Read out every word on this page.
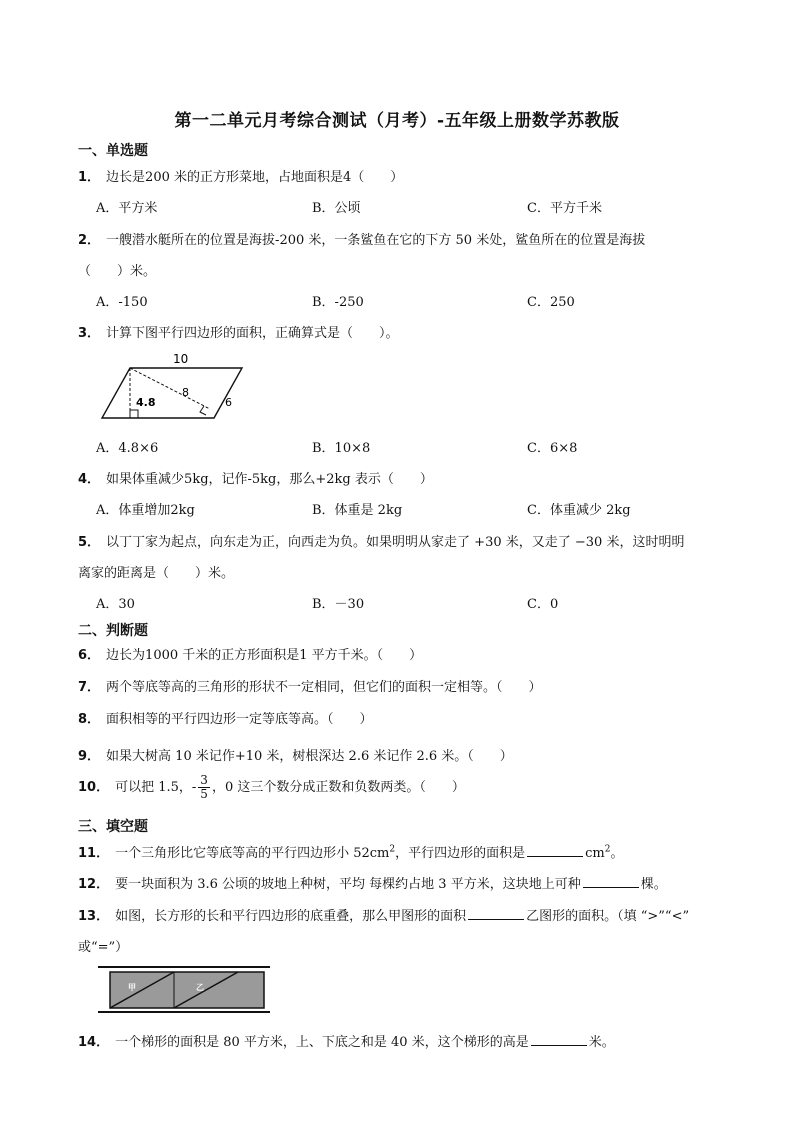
第一二单元月考综合测试（月考）-五年级上册数学苏教版
一、单选题
1． 边长是200 米的正方形菜地，占地面积是4（　　）
A．平方米	B．公顷	C．平方千米
2． 一艘潜水艇所在的位置是海拔-200 米，一条鲨鱼在它的下方 50 米处，鲨鱼所在的位置是海拔
（　　）米。
A．-150	B．-250	C．250
3． 计算下图平行四边形的面积，正确算式是（　　）。
10
4.8
8
6
A．4.8×6	B．10×8	C．6×8
4． 如果体重减少5kg，记作-5kg，那么+2kg 表示（　　）
A．体重增加2kg	B．体重是 2kg	C．体重减少 2kg
5． 以丁丁家为起点，向东走为正，向西走为负。如果明明从家走了 +30 米，又走了 −30 米，这时明明
离家的距离是（　　）米。
A．30	B．－30	C．0
二、判断题
6． 边长为1000 千米的正方形面积是1 平方千米。（　　）
7． 两个等底等高的三角形的形状不一定相同，但它们的面积一定相等。（　　）
8． 面积相等的平行四边形一定等底等高。（　　）
9． 如果大树高 10 米记作+10 米，树根深达 2.6 米记作 2.6 米。（　　）
10． 可以把 1.5，- $\frac{3}{5}$ ，0 这三个数分成正数和负数两类。（　　）
三、填空题
11． 一个三角形比它等底等高的平行四边形小 $52cm^2$，平行四边形的面积是	$cm^2$。
12． 要一块面积为 3.6 公顷的坡地上种树，平均 每棵约占地 3 平方米，这块地上可种	棵。
13． 如图，长方形的长和平行四边形的底重叠，那么甲图形的面积	乙图形的面积。（填 “>”“<”
或“=”）
甲	乙
14． 一个梯形的面积是 80 平方米，上、下底之和是 40 米，这个梯形的高是	米。
